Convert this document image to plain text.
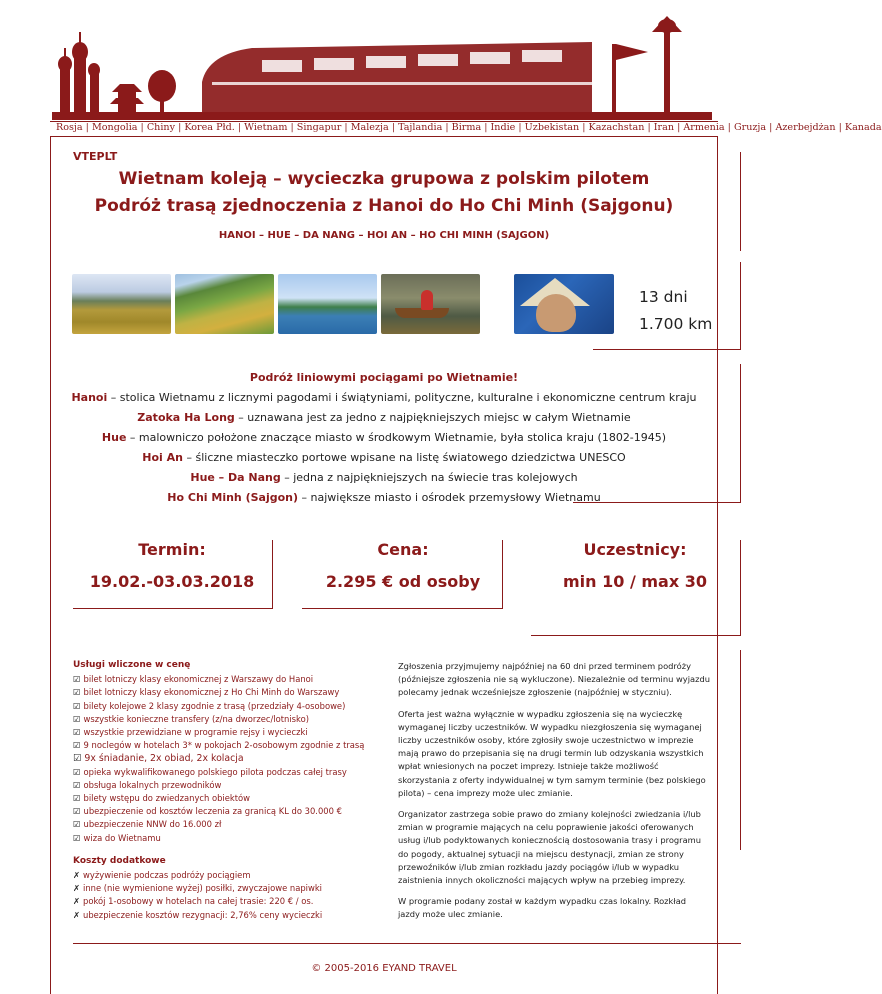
Rosja | Mongolia | Chiny | Korea Płd. | Wietnam | Singapur | Malezja | Tajlandia | Birma | Indie | Uzbekistan | Kazachstan | Iran | Armenia | Gruzja | Azerbejdżan | Kanada
VTEPLT
Wietnam koleją – wycieczka grupowa z polskim pilotem
Podróż trasą zjednoczenia z Hanoi do Ho Chi Minh (Sajgonu)
HANOI – HUE – DA NANG – HOI AN – HO CHI MINH (SAJGON)
13 dni
1.700 km
Podróż liniowymi pociągami po Wietnamie!
Hanoi – stolica Wietnamu z licznymi pagodami i świątyniami, polityczne, kulturalne i ekonomiczne centrum kraju
Zatoka Ha Long – uznawana jest za jedno z najpiękniejszych miejsc w całym Wietnamie
Hue – malowniczo położone znaczące miasto w środkowym Wietnamie, była stolica kraju (1802-1945)
Hoi An – śliczne miasteczko portowe wpisane na listę światowego dziedzictwa UNESCO
Hue – Da Nang – jedna z najpiękniejszych na świecie tras kolejowych
Ho Chi Minh (Sajgon) – największe miasto i ośrodek przemysłowy Wietnamu
Termin:
19.02.-03.03.2018
Cena:
2.295 € od osoby
Uczestnicy:
min 10 / max 30
Usługi wliczone w cenę
☑ bilet lotniczy klasy ekonomicznej z Warszawy do Hanoi
☑ bilet lotniczy klasy ekonomicznej z Ho Chi Minh do Warszawy
☑ bilety kolejowe 2 klasy zgodnie z trasą (przedziały 4-osobowe)
☑ wszystkie konieczne transfery (z/na dworzec/lotnisko)
☑ wszystkie przewidziane w programie rejsy i wycieczki
☑ 9 noclegów w hotelach 3* w pokojach 2-osobowym zgodnie z trasą
☑ 9x śniadanie, 2x obiad, 2x kolacja
☑ opieka wykwalifikowanego polskiego pilota podczas całej trasy
☑ obsługa lokalnych przewodników
☑ bilety wstępu do zwiedzanych obiektów
☑ ubezpieczenie od kosztów leczenia za granicą KL do 30.000 €
☑ ubezpieczenie NNW do 16.000 zł
☑ wiza do Wietnamu
Koszty dodatkowe
✗ wyżywienie podczas podróży pociągiem
✗ inne (nie wymienione wyżej) posiłki, zwyczajowe napiwki
✗ pokój 1-osobowy w hotelach na całej trasie: 220 € / os.
✗ ubezpieczenie kosztów rezygnacji: 2,76% ceny wycieczki

Zgłoszenia przyjmujemy najpóźniej na 60 dni przed terminem podróży (późniejsze zgłoszenia nie są wykluczone). Niezależnie od terminu wyjazdu polecamy jednak wcześniejsze zgłoszenie (najpóźniej w styczniu).

Oferta jest ważna wyłącznie w wypadku zgłoszenia się na wycieczkę wymaganej liczby uczestników. W wypadku niezgłoszenia się wymaganej liczby uczestników osoby, które zgłosiły swoje uczestnictwo w imprezie mają prawo do przepisania się na drugi termin lub odzyskania wszystkich wpłat wniesionych na poczet imprezy. Istnieje także możliwość skorzystania z oferty indywidualnej w tym samym terminie (bez polskiego pilota) – cena imprezy może ulec zmianie.

Organizator zastrzega sobie prawo do zmiany kolejności zwiedzania i/lub zmian w programie mających na celu poprawienie jakości oferowanych usług i/lub podyktowanych koniecznością dostosowania trasy i programu do pogody, aktualnej sytuacji na miejscu destynacji, zmian ze strony przewoźników i/lub zmian rozkładu jazdy pociągów i/lub w wypadku zaistnienia innych okoliczności mających wpływ na przebieg imprezy.

W programie podany został w każdym wypadku czas lokalny. Rozkład jazdy może ulec zmianie.

© 2005-2016 EYAND TRAVEL
